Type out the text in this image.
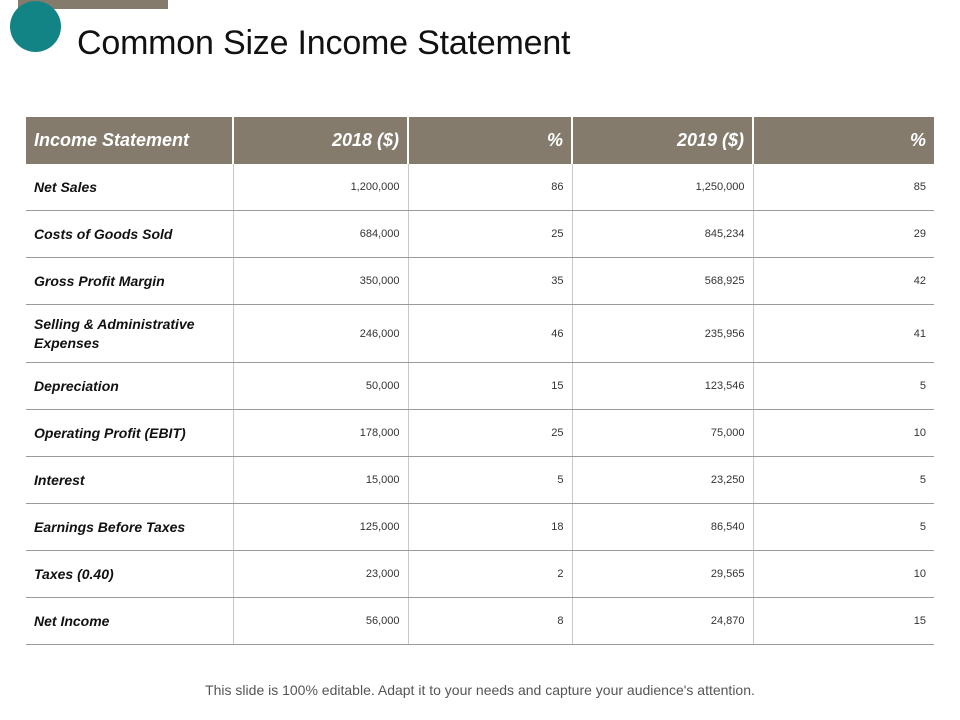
Common Size Income Statement
Income Statement	2018 ($)	%	2019 ($)	%
Net Sales	1,200,000	86	1,250,000	85
Costs of Goods Sold	684,000	25	845,234	29
Gross Profit Margin	350,000	35	568,925	42
Selling & Administrative Expenses	246,000	46	235,956	41
Depreciation	50,000	15	123,546	5
Operating Profit (EBIT)	178,000	25	75,000	10
Interest	15,000	5	23,250	5
Earnings Before Taxes	125,000	18	86,540	5
Taxes (0.40)	23,000	2	29,565	10
Net Income	56,000	8	24,870	15
This slide is 100% editable. Adapt it to your needs and capture your audience's attention.
